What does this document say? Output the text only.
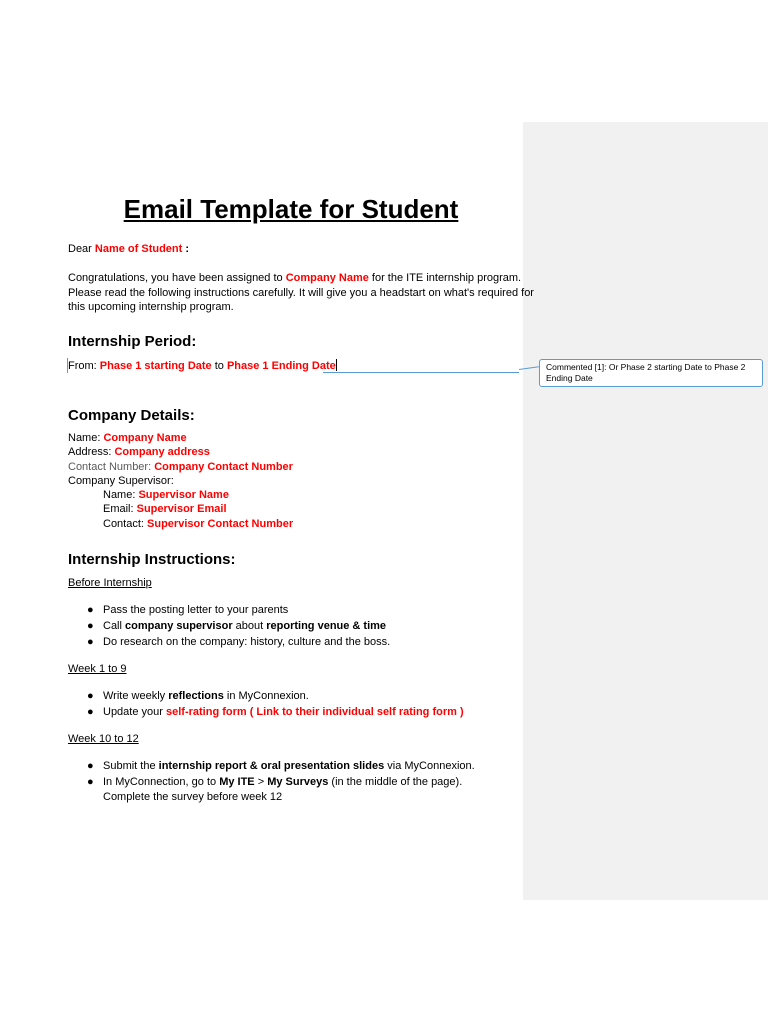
Email Template for Student
Dear Name of Student :
Congratulations, you have been assigned to Company Name for the ITE internship program.
Please read the following instructions carefully. It will give you a headstart on what's required for
this upcoming internship program.
Internship Period:
From: Phase 1 starting Date to Phase 1 Ending Date	Commented [1]: Or Phase 2 starting Date to Phase 2 Ending Date
Company Details:
Name: Company Name
Address: Company address
Contact Number: Company Contact Number
Company Supervisor:
Name: Supervisor Name
Email: Supervisor Email
Contact: Supervisor Contact Number
Internship Instructions:
Before Internship
● Pass the posting letter to your parents
● Call company supervisor about reporting venue & time
● Do research on the company: history, culture and the boss.
Week 1 to 9
● Write weekly reflections in MyConnexion.
● Update your self-rating form ( Link to their individual self rating form )
Week 10 to 12
● Submit the internship report & oral presentation slides via MyConnexion.
● In MyConnection, go to My ITE > My Surveys (in the middle of the page).
Complete the survey before week 12
